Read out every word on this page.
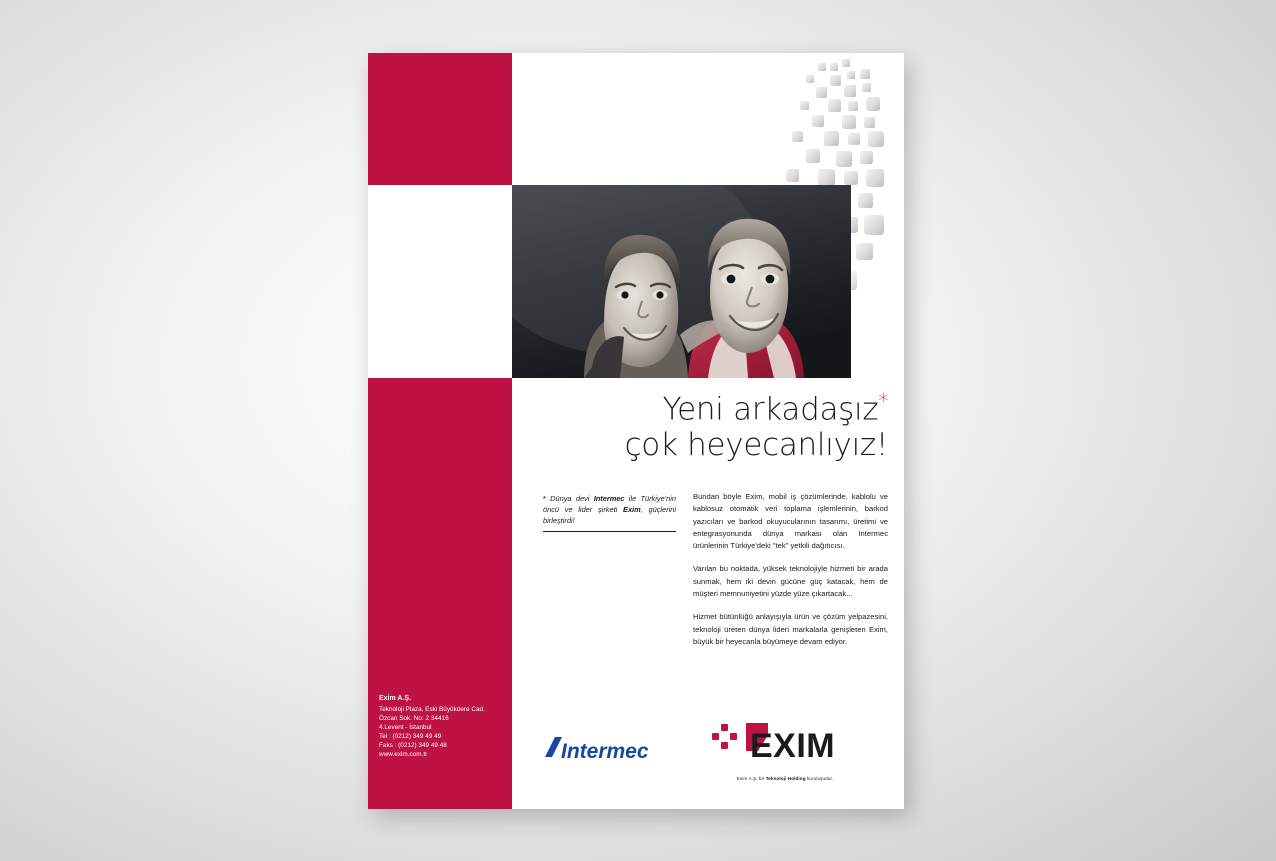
Yeni arkadaşız*
çok heyecanlıyız!
* Dünya devi Intermec ile Türkiye'nin öncü ve lider şirketi Exim, güçlerini birleştirdi!

Bundan böyle Exim, mobil iş çözümlerinde, kablolu ve kablosuz otomatik veri toplama işlemlerinin, barkod yazıcıları ve barkod okuyucularının tasarımı, üretimi ve entegrasyonunda dünya markası olan Intermec ürünlerinin Türkiye'deki "tek" yetkili dağıtıcısı.

Varılan bu noktada, yüksek teknolojiyle hizmeti bir arada sunmak, hem iki devin gücüne güç katacak, hem de müşteri memnuniyetini yüzde yüze çıkartacak...

Hizmet bütünlüğü anlayışıyla ürün ve çözüm yelpazesini, teknoloji üreten dünya lideri markalarla genişleten Exim, büyük bir heyecanla büyümeye devam ediyor.

Exim A.Ş.
Teknoloji Plaza, Eski Büyükdere Cad.
Özcan Sok. No: 2 34416
4.Levent - İstanbul
Tel : (0212) 349 49 49
Faks : (0212) 349 49 48
www.exim.com.tr	Intermec	EXIM
Exim A.Ş. bir Teknoloji Holding kuruluşudur.
